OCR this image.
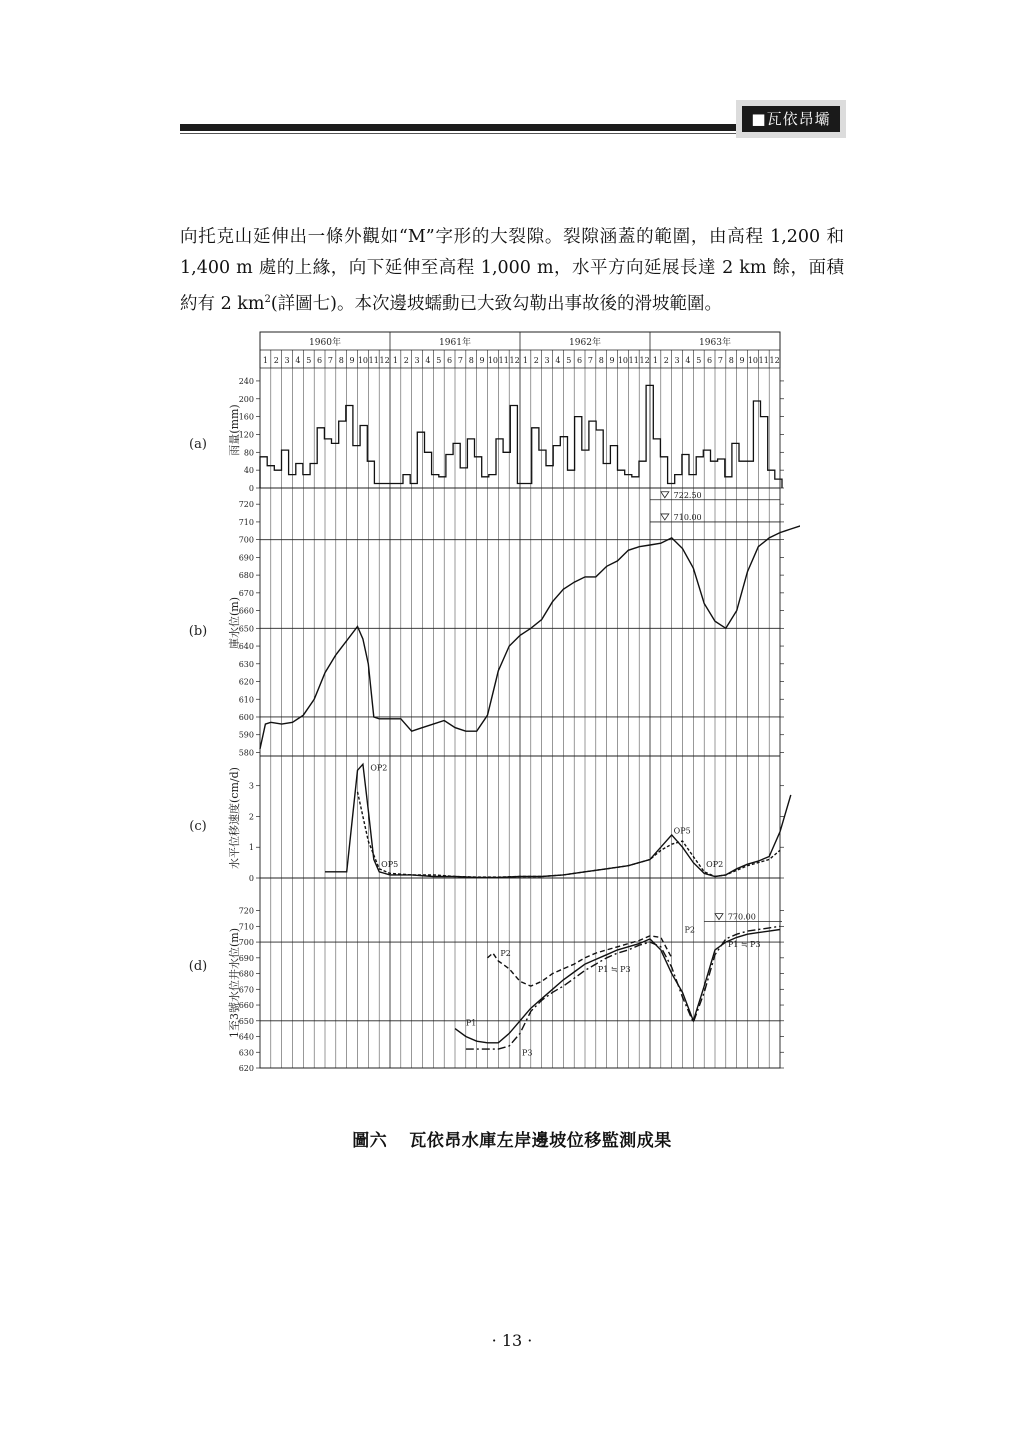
■瓦依昂壩
向托克山延伸出一條外觀如“M”字形的大裂隙。裂隙涵蓋的範圍，由高程 1,200 和 1,400 m 處的上緣，向下延伸至高程 1,000 m，水平方向延展長達 2 km 餘，面積約有 2 $km^2$(詳圖七)。本次邊坡蠕動已大致勾勒出事故後的滑坡範圍。
1960年	1961年	1962年	1963年
1 2 3 4 5 6 7 8 9 10 11 12 1 2 3 4 5 6 7 8 9 10 11 12 1 2 3 4 5 6 7 8 9 10 11 12 1 2 3 4 5 6 7 8 9 10 11 12
0
40
80
120
160
200
240
雨量(mm)
(a)
580
590
600
610
620
630
640
650
660
670
680
690
700
710
720
庫水位(m)
(b)
0
1
2
3
水平位移速度(cm/d)
(c)
620
630
640
650
660
670
680
690
700
710
720
1至3號水位井水位(m)
(d)
722.50
710.00
OP2
OP5
OP5
OP2
770.00
P1
P2
P3
P1 ≒ P3
P2
P1 ≒ P3
圖六 瓦依昂水庫左岸邊坡位移監測成果
· 13 ·
